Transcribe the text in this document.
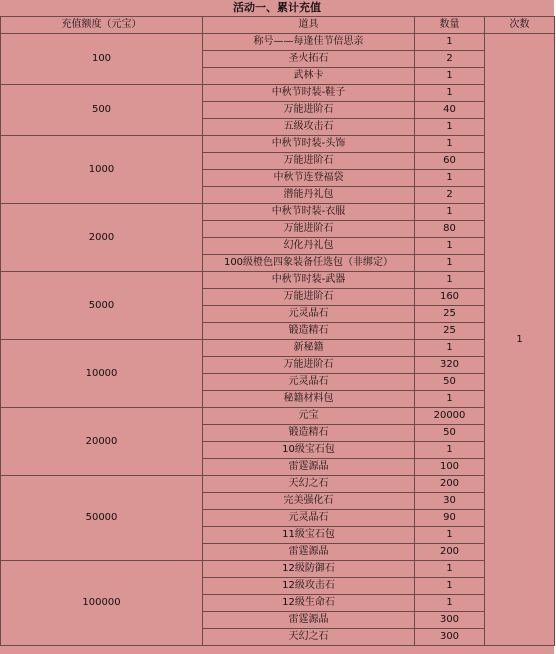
活动一、累计充值
充值额度（元宝）	道具	数量	次数
100	称号——每逢佳节倍思亲	1	1
	圣火拓石	2	
	武林卡	1	
500	中秋节时装-鞋子	1	
	万能进阶石	40	
	五级攻击石	1	
1000	中秋节时装-头饰	1	
	万能进阶石	60	
	中秋节连登福袋	1	
	潜能丹礼包	2	
2000	中秋节时装-衣服	1	
	万能进阶石	80	
	幻化丹礼包	1	
	100级橙色四象装备任选包（非绑定）	1	
5000	中秋节时装-武器	1	
	万能进阶石	160	
	元灵晶石	25	
	锻造精石	25	
10000	新秘籍	1	
	万能进阶石	320	
	元灵晶石	50	
	秘籍材料包	1	
20000	元宝	20000	
	锻造精石	50	
	10级宝石包	1	
	雷霆源晶	100	
50000	天幻之石	200	
	完美强化石	30	
	元灵晶石	90	
	11级宝石包	1	
	雷霆源晶	200	
100000	12级防御石	1	
	12级攻击石	1	
	12级生命石	1	
	雷霆源晶	300	
	天幻之石	300	
